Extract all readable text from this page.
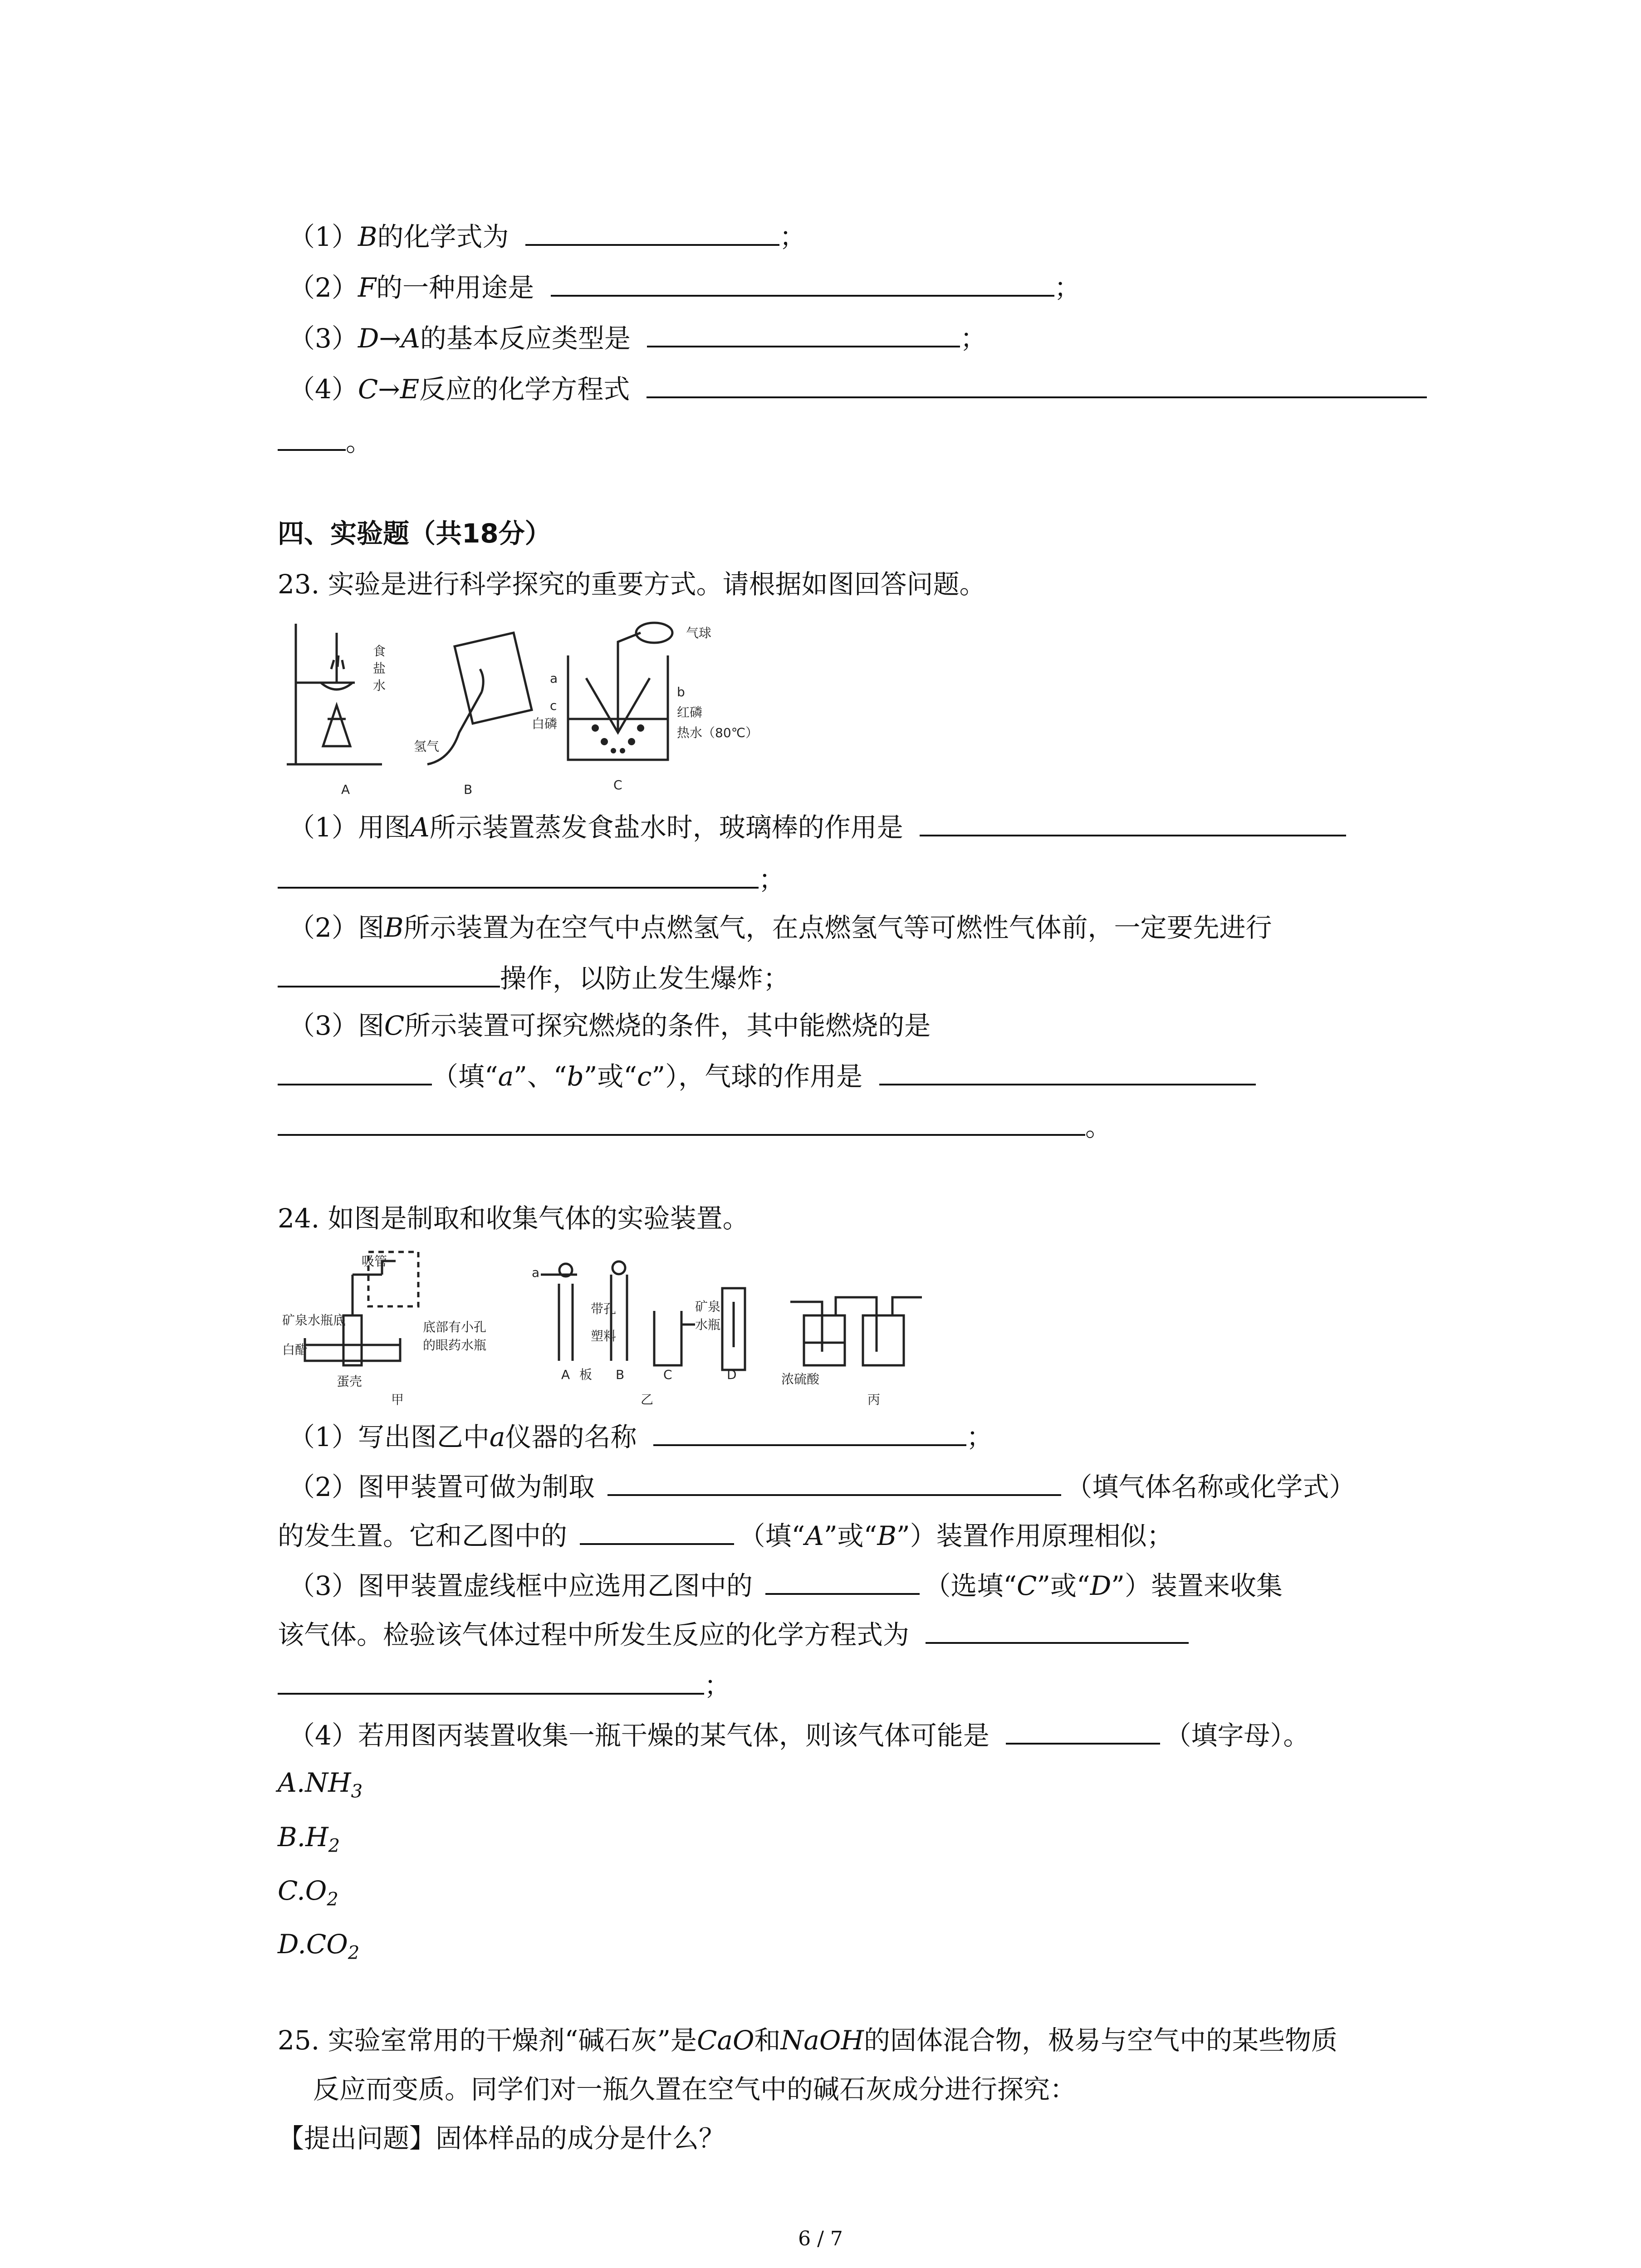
（1）B的化学式为	；
（2）F的一种用途是	；
（3）D→A的基本反应类型是	；
（4）C→E反应的化学方程式
。
四、实验题（共18分）
23. 实验是进行科学探究的重要方式。请根据如图回答问题。
食
盐
水
A
氢气
B
气球
a
b
c
白磷
红磷
热水（80℃）
C
（1）用图A所示装置蒸发食盐水时，玻璃棒的作用是
；
（2）图B所示装置为在空气中点燃氢气，在点燃氢气等可燃性气体前，一定要先进行
操作，以防止发生爆炸；
（3）图C所示装置可探究燃烧的条件，其中能燃烧的是
（填“a”、“b”或“c”），气球的作用是
。
24. 如图是制取和收集气体的实验装置。
吸管
矿泉水瓶底
白醋
蛋壳
底部有小孔
的眼药水瓶
甲
a
带孔
塑料
矿泉
水瓶
A 板 B	C	D
乙
浓硫酸
丙
（1）写出图乙中a仪器的名称	；
（2）图甲装置可做为制取	（填气体名称或化学式）
的发生置。它和乙图中的	（填“A”或“B”）装置作用原理相似；
（3）图甲装置虚线框中应选用乙图中的	（选填“C”或“D”）装置来收集
该气体。检验该气体过程中所发生反应的化学方程式为
；
（4）若用图丙装置收集一瓶干燥的某气体，则该气体可能是	（填字母）。
$A.NH_3$
$B.H_2$
$C.O_2$
$D.CO_2$
25. 实验室常用的干燥剂“碱石灰”是CaO和NaOH的固体混合物，极易与空气中的某些物质
反应而变质。同学们对一瓶久置在空气中的碱石灰成分进行探究：
【提出问题】固体样品的成分是什么？
6 / 7
